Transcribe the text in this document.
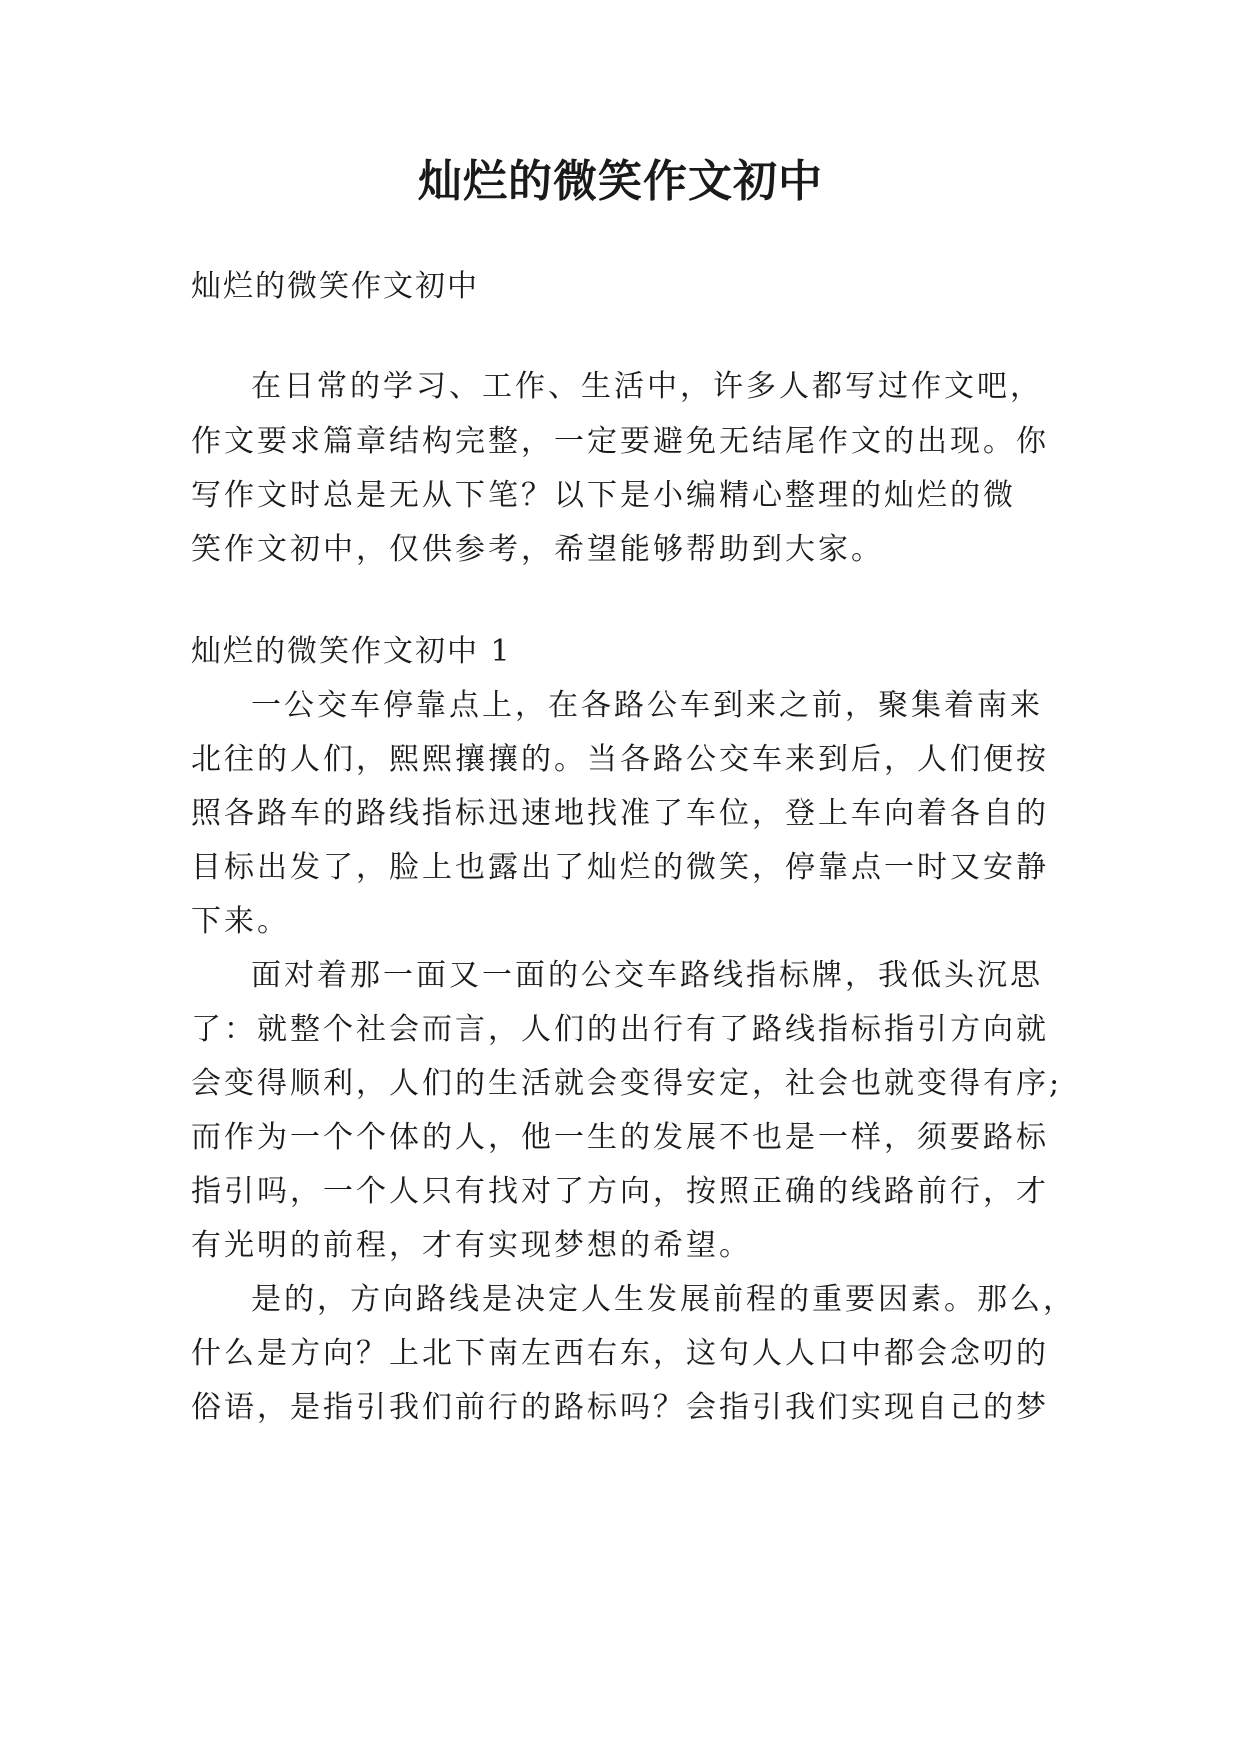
灿烂的微笑作文初中
灿烂的微笑作文初中
在日常的学习、工作、生活中，许多人都写过作文吧，
作文要求篇章结构完整，一定要避免无结尾作文的出现。你
写作文时总是无从下笔？以下是小编精心整理的灿烂的微
笑作文初中，仅供参考，希望能够帮助到大家。
灿烂的微笑作文初中 1
一公交车停靠点上，在各路公车到来之前，聚集着南来
北往的人们，熙熙攘攘的。当各路公交车来到后，人们便按
照各路车的路线指标迅速地找准了车位，登上车向着各自的
目标出发了，脸上也露出了灿烂的微笑，停靠点一时又安静
下来。
面对着那一面又一面的公交车路线指标牌，我低头沉思
了：就整个社会而言，人们的出行有了路线指标指引方向就
会变得顺利，人们的生活就会变得安定，社会也就变得有序;
而作为一个个体的人，他一生的发展不也是一样，须要路标
指引吗，一个人只有找对了方向，按照正确的线路前行，才
有光明的前程，才有实现梦想的希望。
是的，方向路线是决定人生发展前程的重要因素。那么，
什么是方向？上北下南左西右东，这句人人口中都会念叨的
俗语，是指引我们前行的路标吗？会指引我们实现自己的梦
